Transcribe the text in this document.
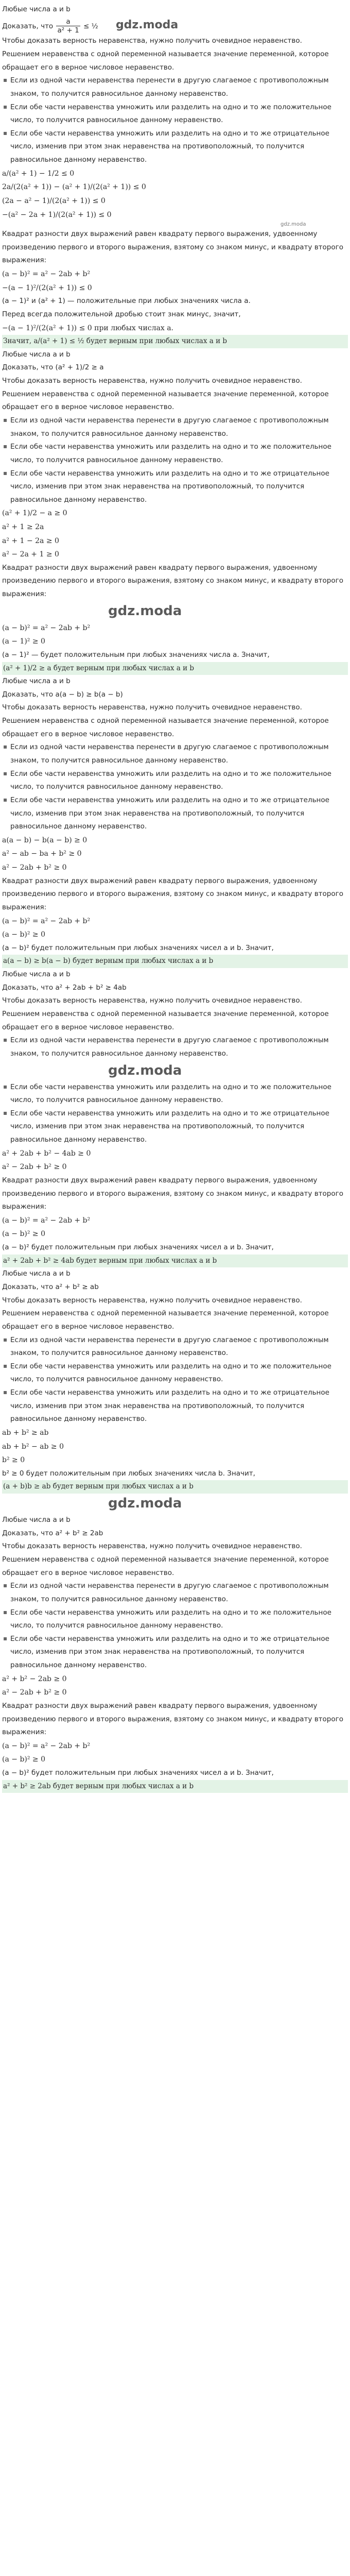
Любые числа a и b
Доказать, что $\frac{a}{\text{a² + 1}}$ ≤ ½ gdz.moda
Чтобы доказать верность неравенства, нужно получить очевидное неравенство.
Решением неравенства с одной переменной называется значение переменной, которое обращает его в верное числовое неравенство.
▪ Если из одной части неравенства перенести в другую слагаемое с противоположным знаком, то получится равносильное данному неравенство.
▪ Если обе части неравенства умножить или разделить на одно и то же положительное число, то получится равносильное данному неравенство.
▪ Если обе части неравенства умножить или разделить на одно и то же отрицательное число, изменив при этом знак неравенства на противоположный, то получится равносильное данному неравенство.
a/(a² + 1) − 1/2 ≤ 0
2a/(2(a² + 1)) − (a² + 1)/(2(a² + 1)) ≤ 0
(2a − a² − 1)/(2(a² + 1)) ≤ 0
−(a² − 2a + 1)/(2(a² + 1)) ≤ 0
gdz.moda
Квадрат разности двух выражений равен квадрату первого выражения, удвоенному произведению первого и второго выражения, взятому со знаком минус, и квадрату второго выражения:
(a − b)² = a² − 2ab + b²
−(a − 1)²/(2(a² + 1)) ≤ 0
(a − 1)² и (a² + 1) — положительные при любых значениях числа a.
Перед всегда положительной дробью стоит знак минус, значит,
−(a − 1)²/(2(a² + 1)) ≤ 0 при любых числах a.
Значит, a/(a² + 1) ≤ ½ будет верным при любых числах a и b
Любые числа a и b
Доказать, что (a² + 1)/2 ≥ a
Чтобы доказать верность неравенства, нужно получить очевидное неравенство.
Решением неравенства с одной переменной называется значение переменной, которое обращает его в верное числовое неравенство.
▪ Если из одной части неравенства перенести в другую слагаемое с противоположным знаком, то получится равносильное данному неравенство.
▪ Если обе части неравенства умножить или разделить на одно и то же положительное число, то получится равносильное данному неравенство.
▪ Если обе части неравенства умножить или разделить на одно и то же отрицательное число, изменив при этом знак неравенства на противоположный, то получится равносильное данному неравенство.
(a² + 1)/2 − a ≥ 0
a² + 1 ≥ 2a
a² + 1 − 2a ≥ 0
a² − 2a + 1 ≥ 0
Квадрат разности двух выражений равен квадрату первого выражения, удвоенному произведению первого и второго выражения, взятому со знаком минус, и квадрату второго выражения:
gdz.moda
(a − b)² = a² − 2ab + b²
(a − 1)² ≥ 0
(a − 1)² — будет положительным при любых значениях числа a. Значит,
(a² + 1)/2 ≥ a будет верным при любых числах a и b
Любые числа a и b
Доказать, что a(a − b) ≥ b(a − b)
Чтобы доказать верность неравенства, нужно получить очевидное неравенство.
Решением неравенства с одной переменной называется значение переменной, которое обращает его в верное числовое неравенство.
▪ Если из одной части неравенства перенести в другую слагаемое с противоположным знаком, то получится равносильное данному неравенство.
▪ Если обе части неравенства умножить или разделить на одно и то же положительное число, то получится равносильное данному неравенство.
▪ Если обе части неравенства умножить или разделить на одно и то же отрицательное число, изменив при этом знак неравенства на противоположный, то получится равносильное данному неравенство.
a(a − b) − b(a − b) ≥ 0
a² − ab − ba + b² ≥ 0
a² − 2ab + b² ≥ 0
Квадрат разности двух выражений равен квадрату первого выражения, удвоенному произведению первого и второго выражения, взятому со знаком минус, и квадрату второго выражения:
(a − b)² = a² − 2ab + b²
(a − b)² ≥ 0
(a − b)² будет положительным при любых значениях чисел a и b. Значит,
a(a − b) ≥ b(a − b) будет верным при любых числах a и b
Любые числа a и b
Доказать, что a² + 2ab + b² ≥ 4ab
Чтобы доказать верность неравенства, нужно получить очевидное неравенство.
Решением неравенства с одной переменной называется значение переменной, которое обращает его в верное числовое неравенство.
▪ Если из одной части неравенства перенести в другую слагаемое с противоположным знаком, то получится равносильное данному неравенство.
gdz.moda
▪ Если обе части неравенства умножить или разделить на одно и то же положительное число, то получится равносильное данному неравенство.
▪ Если обе части неравенства умножить или разделить на одно и то же отрицательное число, изменив при этом знак неравенства на противоположный, то получится равносильное данному неравенство.
a² + 2ab + b² − 4ab ≥ 0
a² − 2ab + b² ≥ 0
Квадрат разности двух выражений равен квадрату первого выражения, удвоенному произведению первого и второго выражения, взятому со знаком минус, и квадрату второго выражения:
(a − b)² = a² − 2ab + b²
(a − b)² ≥ 0
(a − b)² будет положительным при любых значениях чисел a и b. Значит,
a² + 2ab + b² ≥ 4ab будет верным при любых числах a и b
Любые числа a и b
Доказать, что a² + b² ≥ ab
Чтобы доказать верность неравенства, нужно получить очевидное неравенство.
Решением неравенства с одной переменной называется значение переменной, которое обращает его в верное числовое неравенство.
▪ Если из одной части неравенства перенести в другую слагаемое с противоположным знаком, то получится равносильное данному неравенство.
▪ Если обе части неравенства умножить или разделить на одно и то же положительное число, то получится равносильное данному неравенство.
▪ Если обе части неравенства умножить или разделить на одно и то же отрицательное число, изменив при этом знак неравенства на противоположный, то получится равносильное данному неравенство.
ab + b² ≥ ab
ab + b² − ab ≥ 0
b² ≥ 0
b² ≥ 0 будет положительным при любых значениях числа b. Значит,
(a + b)b ≥ ab будет верным при любых числах a и b
gdz.moda
Любые числа a и b
Доказать, что a² + b² ≥ 2ab
Чтобы доказать верность неравенства, нужно получить очевидное неравенство.
Решением неравенства с одной переменной называется значение переменной, которое обращает его в верное числовое неравенство.
▪ Если из одной части неравенства перенести в другую слагаемое с противоположным знаком, то получится равносильное данному неравенство.
▪ Если обе части неравенства умножить или разделить на одно и то же положительное число, то получится равносильное данному неравенство.
▪ Если обе части неравенства умножить или разделить на одно и то же отрицательное число, изменив при этом знак неравенства на противоположный, то получится равносильное данному неравенство.
a² + b² − 2ab ≥ 0
a² − 2ab + b² ≥ 0
Квадрат разности двух выражений равен квадрату первого выражения, удвоенному произведению первого и второго выражения, взятому со знаком минус, и квадрату второго выражения:
(a − b)² = a² − 2ab + b²
(a − b)² ≥ 0
(a − b)² будет положительным при любых значениях чисел a и b. Значит,
a² + b² ≥ 2ab будет верным при любых числах a и b
